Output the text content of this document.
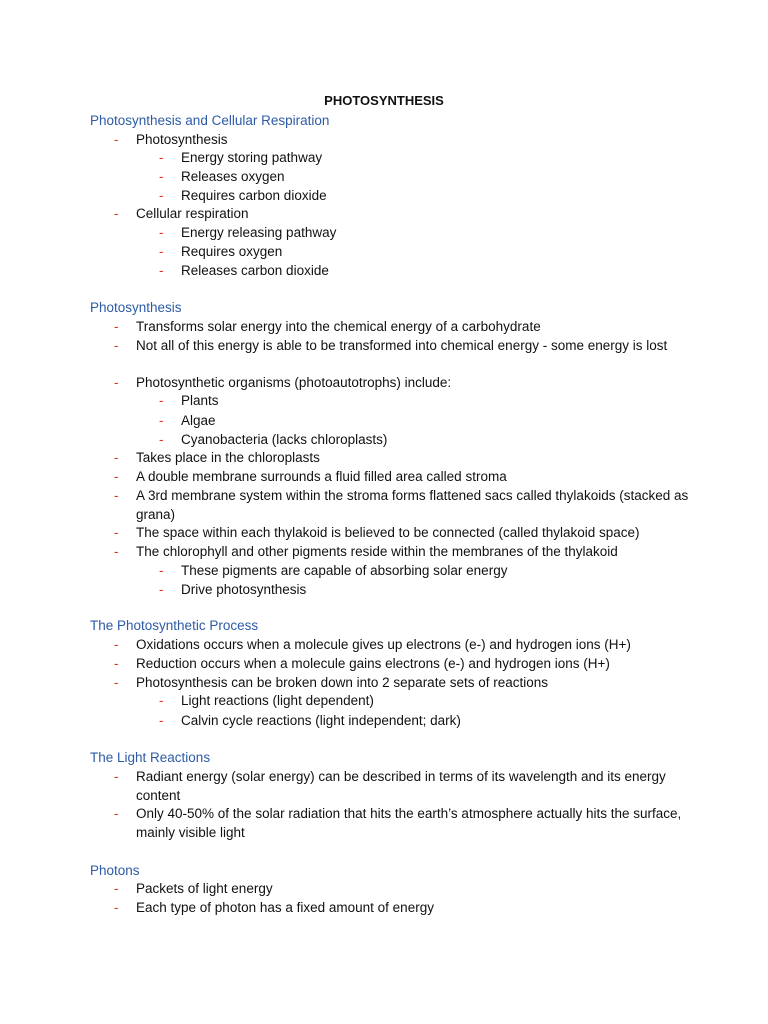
PHOTOSYNTHESIS
Photosynthesis and Cellular Respiration
- Photosynthesis
- Energy storing pathway
- Releases oxygen
- Requires carbon dioxide
- Cellular respiration
- Energy releasing pathway
- Requires oxygen
- Releases carbon dioxide
Photosynthesis
- Transforms solar energy into the chemical energy of a carbohydrate
- Not all of this energy is able to be transformed into chemical energy - some energy is lost
- Photosynthetic organisms (photoautotrophs) include:
- Plants
- Algae
- Cyanobacteria (lacks chloroplasts)
- Takes place in the chloroplasts
- A double membrane surrounds a fluid filled area called stroma
- A 3rd membrane system within the stroma forms flattened sacs called thylakoids (stacked as grana)
- The space within each thylakoid is believed to be connected (called thylakoid space)
- The chlorophyll and other pigments reside within the membranes of the thylakoid
- These pigments are capable of absorbing solar energy
- Drive photosynthesis
The Photosynthetic Process
- Oxidations occurs when a molecule gives up electrons (e-) and hydrogen ions (H+)
- Reduction occurs when a molecule gains electrons (e-) and hydrogen ions (H+)
- Photosynthesis can be broken down into 2 separate sets of reactions
- Light reactions (light dependent)
- Calvin cycle reactions (light independent; dark)
The Light Reactions
- Radiant energy (solar energy) can be described in terms of its wavelength and its energy content
- Only 40-50% of the solar radiation that hits the earth’s atmosphere actually hits the surface, mainly visible light
Photons
- Packets of light energy
- Each type of photon has a fixed amount of energy
